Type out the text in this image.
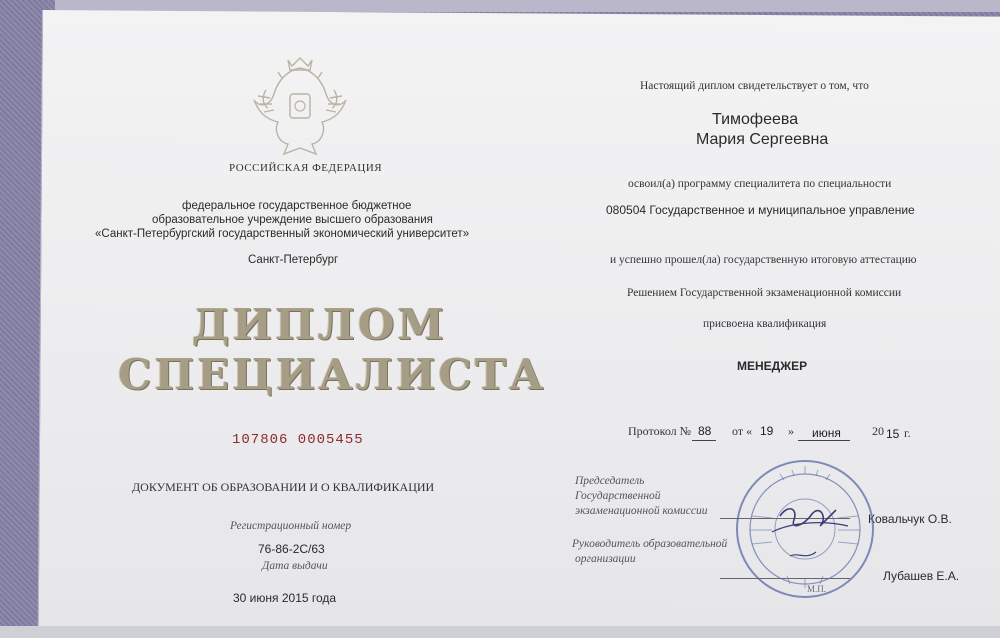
РОССИЙСКАЯ ФЕДЕРАЦИЯ
федеральное государственное бюджетное
образовательное учреждение высшего образования
«Санкт-Петербургский государственный экономический университет»
Санкт-Петербург
ДИПЛОМ
СПЕЦИАЛИСТА
107806 0005455
ДОКУМЕНТ ОБ ОБРАЗОВАНИИ И О КВАЛИФИКАЦИИ
Регистрационный номер
76-86-2С/63
Дата выдачи
30 июня 2015 года
Настоящий диплом свидетельствует о том, что
Тимофеева
Мария Сергеевна
освоил(а) программу специалитета по специальности
080504 Государственное и муниципальное управление
и успешно прошел(ла) государственную итоговую аттестацию
Решением Государственной экзаменационной комиссии
присвоена квалификация
МЕНЕДЖЕР
Протокол № 88 от « 19 » июня	20 15 г.
Председатель
Государственной
экзаменационной комиссии
Ковальчук О.В.
Руководитель образовательной
организации
Лубашев Е.А.
М.П.
